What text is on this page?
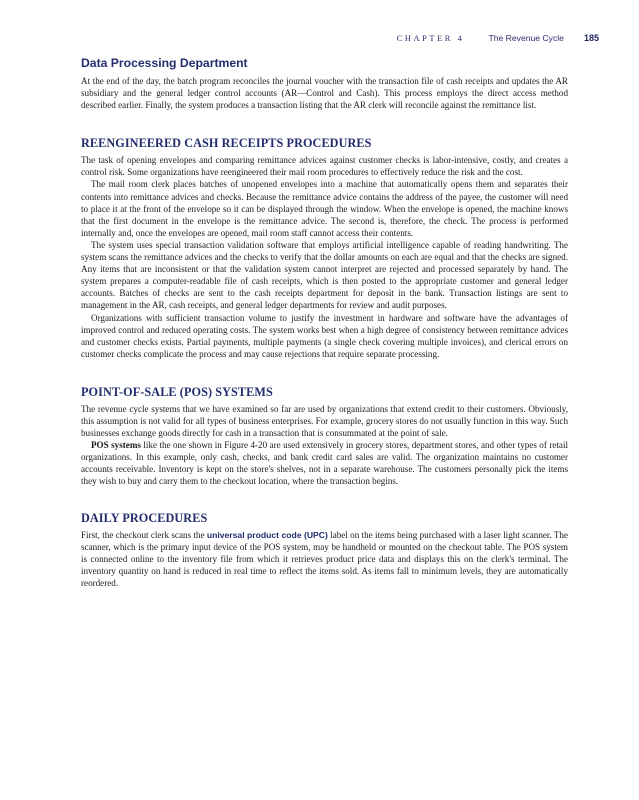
CHAPTER 4	The Revenue Cycle 185
Data Processing Department

At the end of the day, the batch program reconciles the journal voucher with the transaction file of cash receipts and updates the AR subsidiary and the general ledger control accounts (AR—Control and Cash). This process employs the direct access method described earlier. Finally, the system produces a transaction listing that the AR clerk will reconcile against the remittance list.

REENGINEERED CASH RECEIPTS PROCEDURES

The task of opening envelopes and comparing remittance advices against customer checks is labor-intensive, costly, and creates a control risk. Some organizations have reengineered their mail room procedures to effectively reduce the risk and the cost.

The mail room clerk places batches of unopened envelopes into a machine that automatically opens them and separates their contents into remittance advices and checks. Because the remittance advice contains the address of the payee, the customer will need to place it at the front of the envelope so it can be displayed through the window. When the envelope is opened, the machine knows that the first document in the envelope is the remittance advice. The second is, therefore, the check. The process is performed internally and, once the envelopes are opened, mail room staff cannot access their contents.

The system uses special transaction validation software that employs artificial intelligence capable of reading handwriting. The system scans the remittance advices and the checks to verify that the dollar amounts on each are equal and that the checks are signed. Any items that are inconsistent or that the validation system cannot interpret are rejected and processed separately by hand. The system prepares a computer-readable file of cash receipts, which is then posted to the appropriate customer and general ledger accounts. Batches of checks are sent to the cash receipts department for deposit in the bank. Transaction listings are sent to management in the AR, cash receipts, and general ledger departments for review and audit purposes.

Organizations with sufficient transaction volume to justify the investment in hardware and software have the advantages of improved control and reduced operating costs. The system works best when a high degree of consistency between remittance advices and customer checks exists. Partial payments, multiple payments (a single check covering multiple invoices), and clerical errors on customer checks complicate the process and may cause rejections that require separate processing.

POINT-OF-SALE (POS) SYSTEMS

The revenue cycle systems that we have examined so far are used by organizations that extend credit to their customers. Obviously, this assumption is not valid for all types of business enterprises. For example, grocery stores do not usually function in this way. Such businesses exchange goods directly for cash in a transaction that is consummated at the point of sale.

POS systems like the one shown in Figure 4-20 are used extensively in grocery stores, department stores, and other types of retail organizations. In this example, only cash, checks, and bank credit card sales are valid. The organization maintains no customer accounts receivable. Inventory is kept on the store's shelves, not in a separate warehouse. The customers personally pick the items they wish to buy and carry them to the checkout location, where the transaction begins.

DAILY PROCEDURES

First, the checkout clerk scans the universal product code (UPC) label on the items being purchased with a laser light scanner. The scanner, which is the primary input device of the POS system, may be handheld or mounted on the checkout table. The POS system is connected online to the inventory file from which it retrieves product price data and displays this on the clerk's terminal. The inventory quantity on hand is reduced in real time to reflect the items sold. As items fall to minimum levels, they are automatically reordered.
